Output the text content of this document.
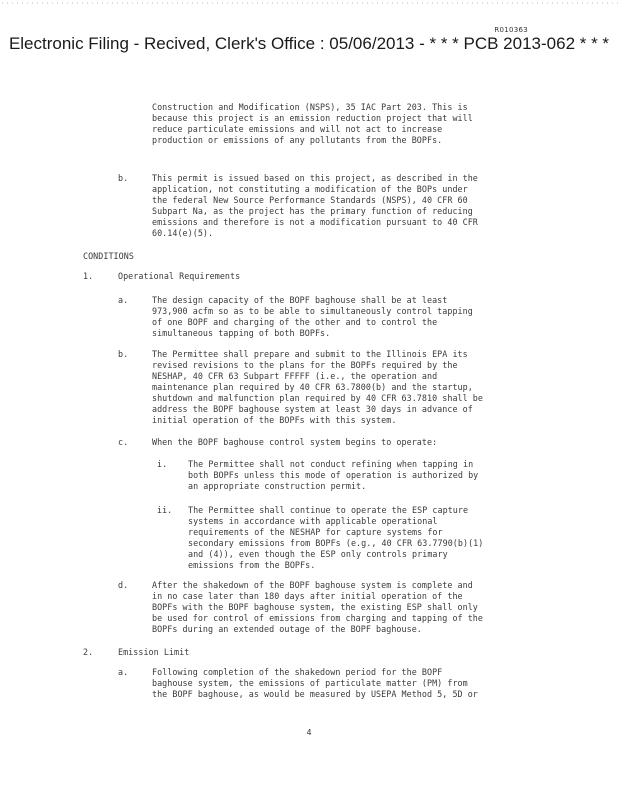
R010363
Electronic Filing - Recived, Clerk's Office : 05/06/2013 - * * * PCB 2013-062 * * *
Construction and Modification (NSPS), 35 IAC Part 203. This is
because this project is an emission reduction project that will
reduce particulate emissions and will not act to increase
production or emissions of any pollutants from the BOPFs.
b.	This permit is issued based on this project, as described in the
application, not constituting a modification of the BOPs under
the federal New Source Performance Standards (NSPS), 40 CFR 60
Subpart Na, as the project has the primary function of reducing
emissions and therefore is not a modification pursuant to 40 CFR
60.14(e)(5).
CONDITIONS
1.	Operational Requirements
a.	The design capacity of the BOPF baghouse shall be at least
973,900 acfm so as to be able to simultaneously control tapping
of one BOPF and charging of the other and to control the
simultaneous tapping of both BOPFs.
b.	The Permittee shall prepare and submit to the Illinois EPA its
revised revisions to the plans for the BOPFs required by the
NESHAP, 40 CFR 63 Subpart FFFFF (i.e., the operation and
maintenance plan required by 40 CFR 63.7800(b) and the startup,
shutdown and malfunction plan required by 40 CFR 63.7810 shall be
address the BOPF baghouse system at least 30 days in advance of
initial operation of the BOPFs with this system.
c.	When the BOPF baghouse control system begins to operate:
i. The Permittee shall not conduct refining when tapping in
both BOPFs unless this mode of operation is authorized by
an appropriate construction permit.
ii. The Permittee shall continue to operate the ESP capture
systems in accordance with applicable operational
requirements of the NESHAP for capture systems for
secondary emissions from BOPFs (e.g., 40 CFR 63.7790(b)(1)
and (4)), even though the ESP only controls primary
emissions from the BOPFs.
d.	After the shakedown of the BOPF baghouse system is complete and
in no case later than 180 days after initial operation of the
BOPFs with the BOPF baghouse system, the existing ESP shall only
be used for control of emissions from charging and tapping of the
BOPFs during an extended outage of the BOPF baghouse.
2.	Emission Limit
a.	Following completion of the shakedown period for the BOPF
baghouse system, the emissions of particulate matter (PM) from
the BOPF baghouse, as would be measured by USEPA Method 5, 5D or
4
